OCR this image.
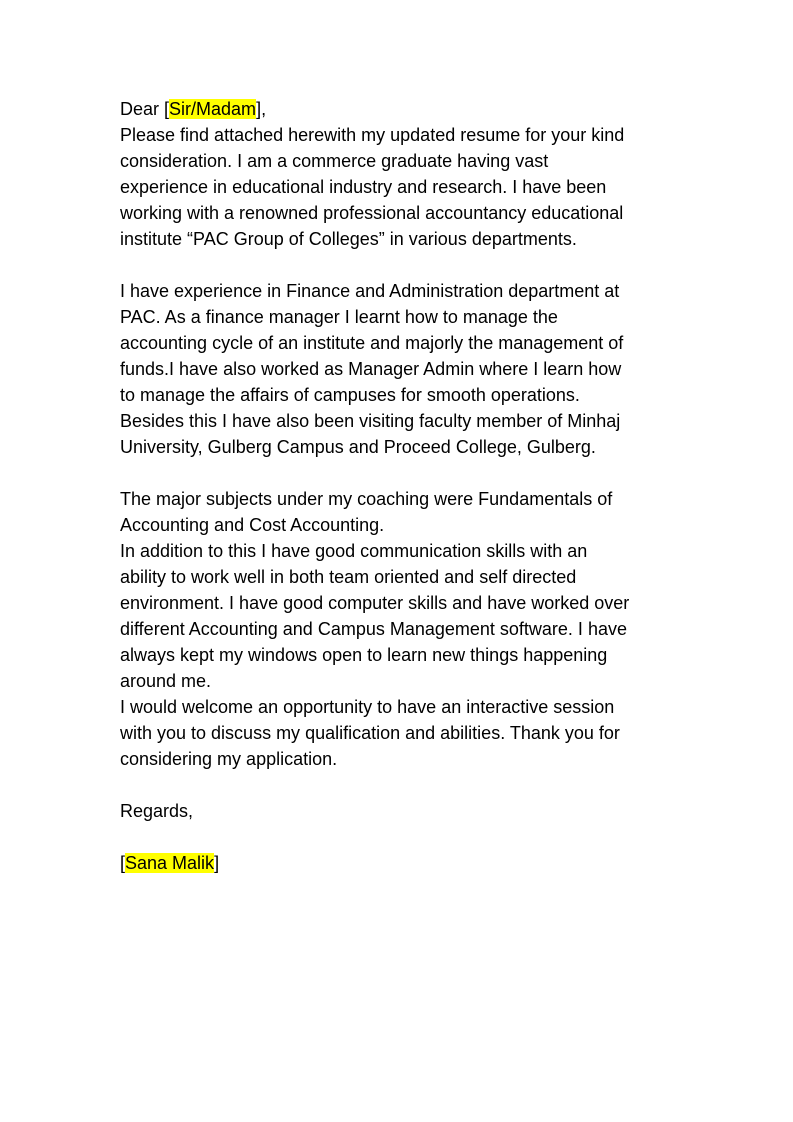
Dear [Sir/Madam],
Please find attached herewith my updated resume for your kind
consideration. I am a commerce graduate having vast
experience in educational industry and research. I have been
working with a renowned professional accountancy educational
institute “PAC Group of Colleges” in various departments.
I have experience in Finance and Administration department at
PAC. As a finance manager I learnt how to manage the
accounting cycle of an institute and majorly the management of
funds.I have also worked as Manager Admin where I learn how
to manage the affairs of campuses for smooth operations.
Besides this I have also been visiting faculty member of Minhaj
University, Gulberg Campus and Proceed College, Gulberg.
The major subjects under my coaching were Fundamentals of
Accounting and Cost Accounting.
In addition to this I have good communication skills with an
ability to work well in both team oriented and self directed
environment. I have good computer skills and have worked over
different Accounting and Campus Management software. I have
always kept my windows open to learn new things happening
around me.
I would welcome an opportunity to have an interactive session
with you to discuss my qualification and abilities. Thank you for
considering my application.
Regards,
[Sana Malik]
